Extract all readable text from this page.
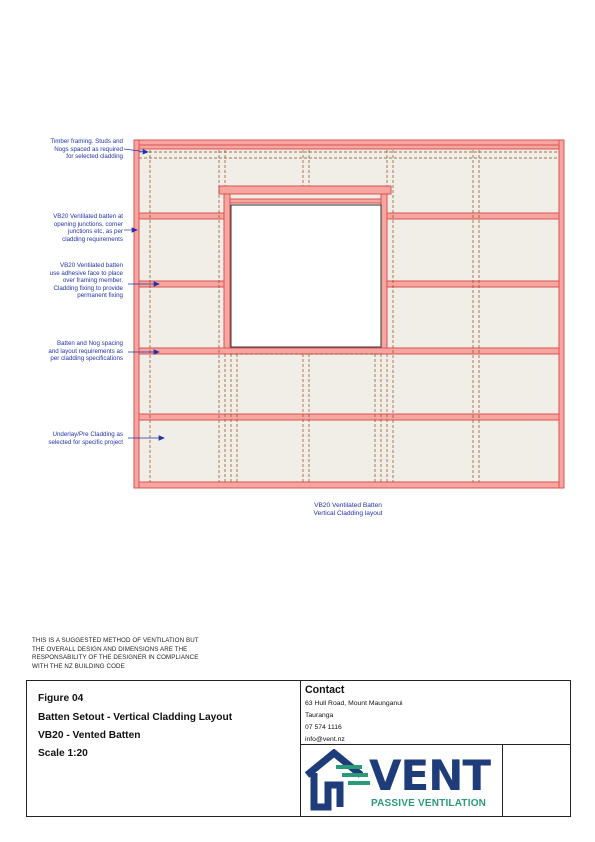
Timber framing. Studs and
Nogs spaced as required
for selected cladding
VB20 Ventilated batten at
opening junctions, corner
junctions etc, as per
cladding requirements
VB20 Ventilated batten
use adhesive face to place
over framing member.
Cladding fixing to provide
permanent fixing
Batten and Nog spacing
and layout requirements as
per cladding specifications
Underlay/Pre Cladding as
selected for specific project
VB20 Ventilated Batten
Vertical Cladding layout
THIS IS A SUGGESTED METHOD OF VENTILATION BUT
THE OVERALL DESIGN AND DIMENSIONS ARE THE
RESPONSABILITY OF THE DESIGNER IN COMPLIANCE
WITH THE NZ BUILDING CODE
Figure 04
Batten Setout - Vertical Cladding Layout
VB20 - Vented Batten
Scale 1:20
Contact
63 Hull Road, Mount Maunganui
Tauranga
07 574 1116
info@vent.nz
VENT
PASSIVE VENTILATION
